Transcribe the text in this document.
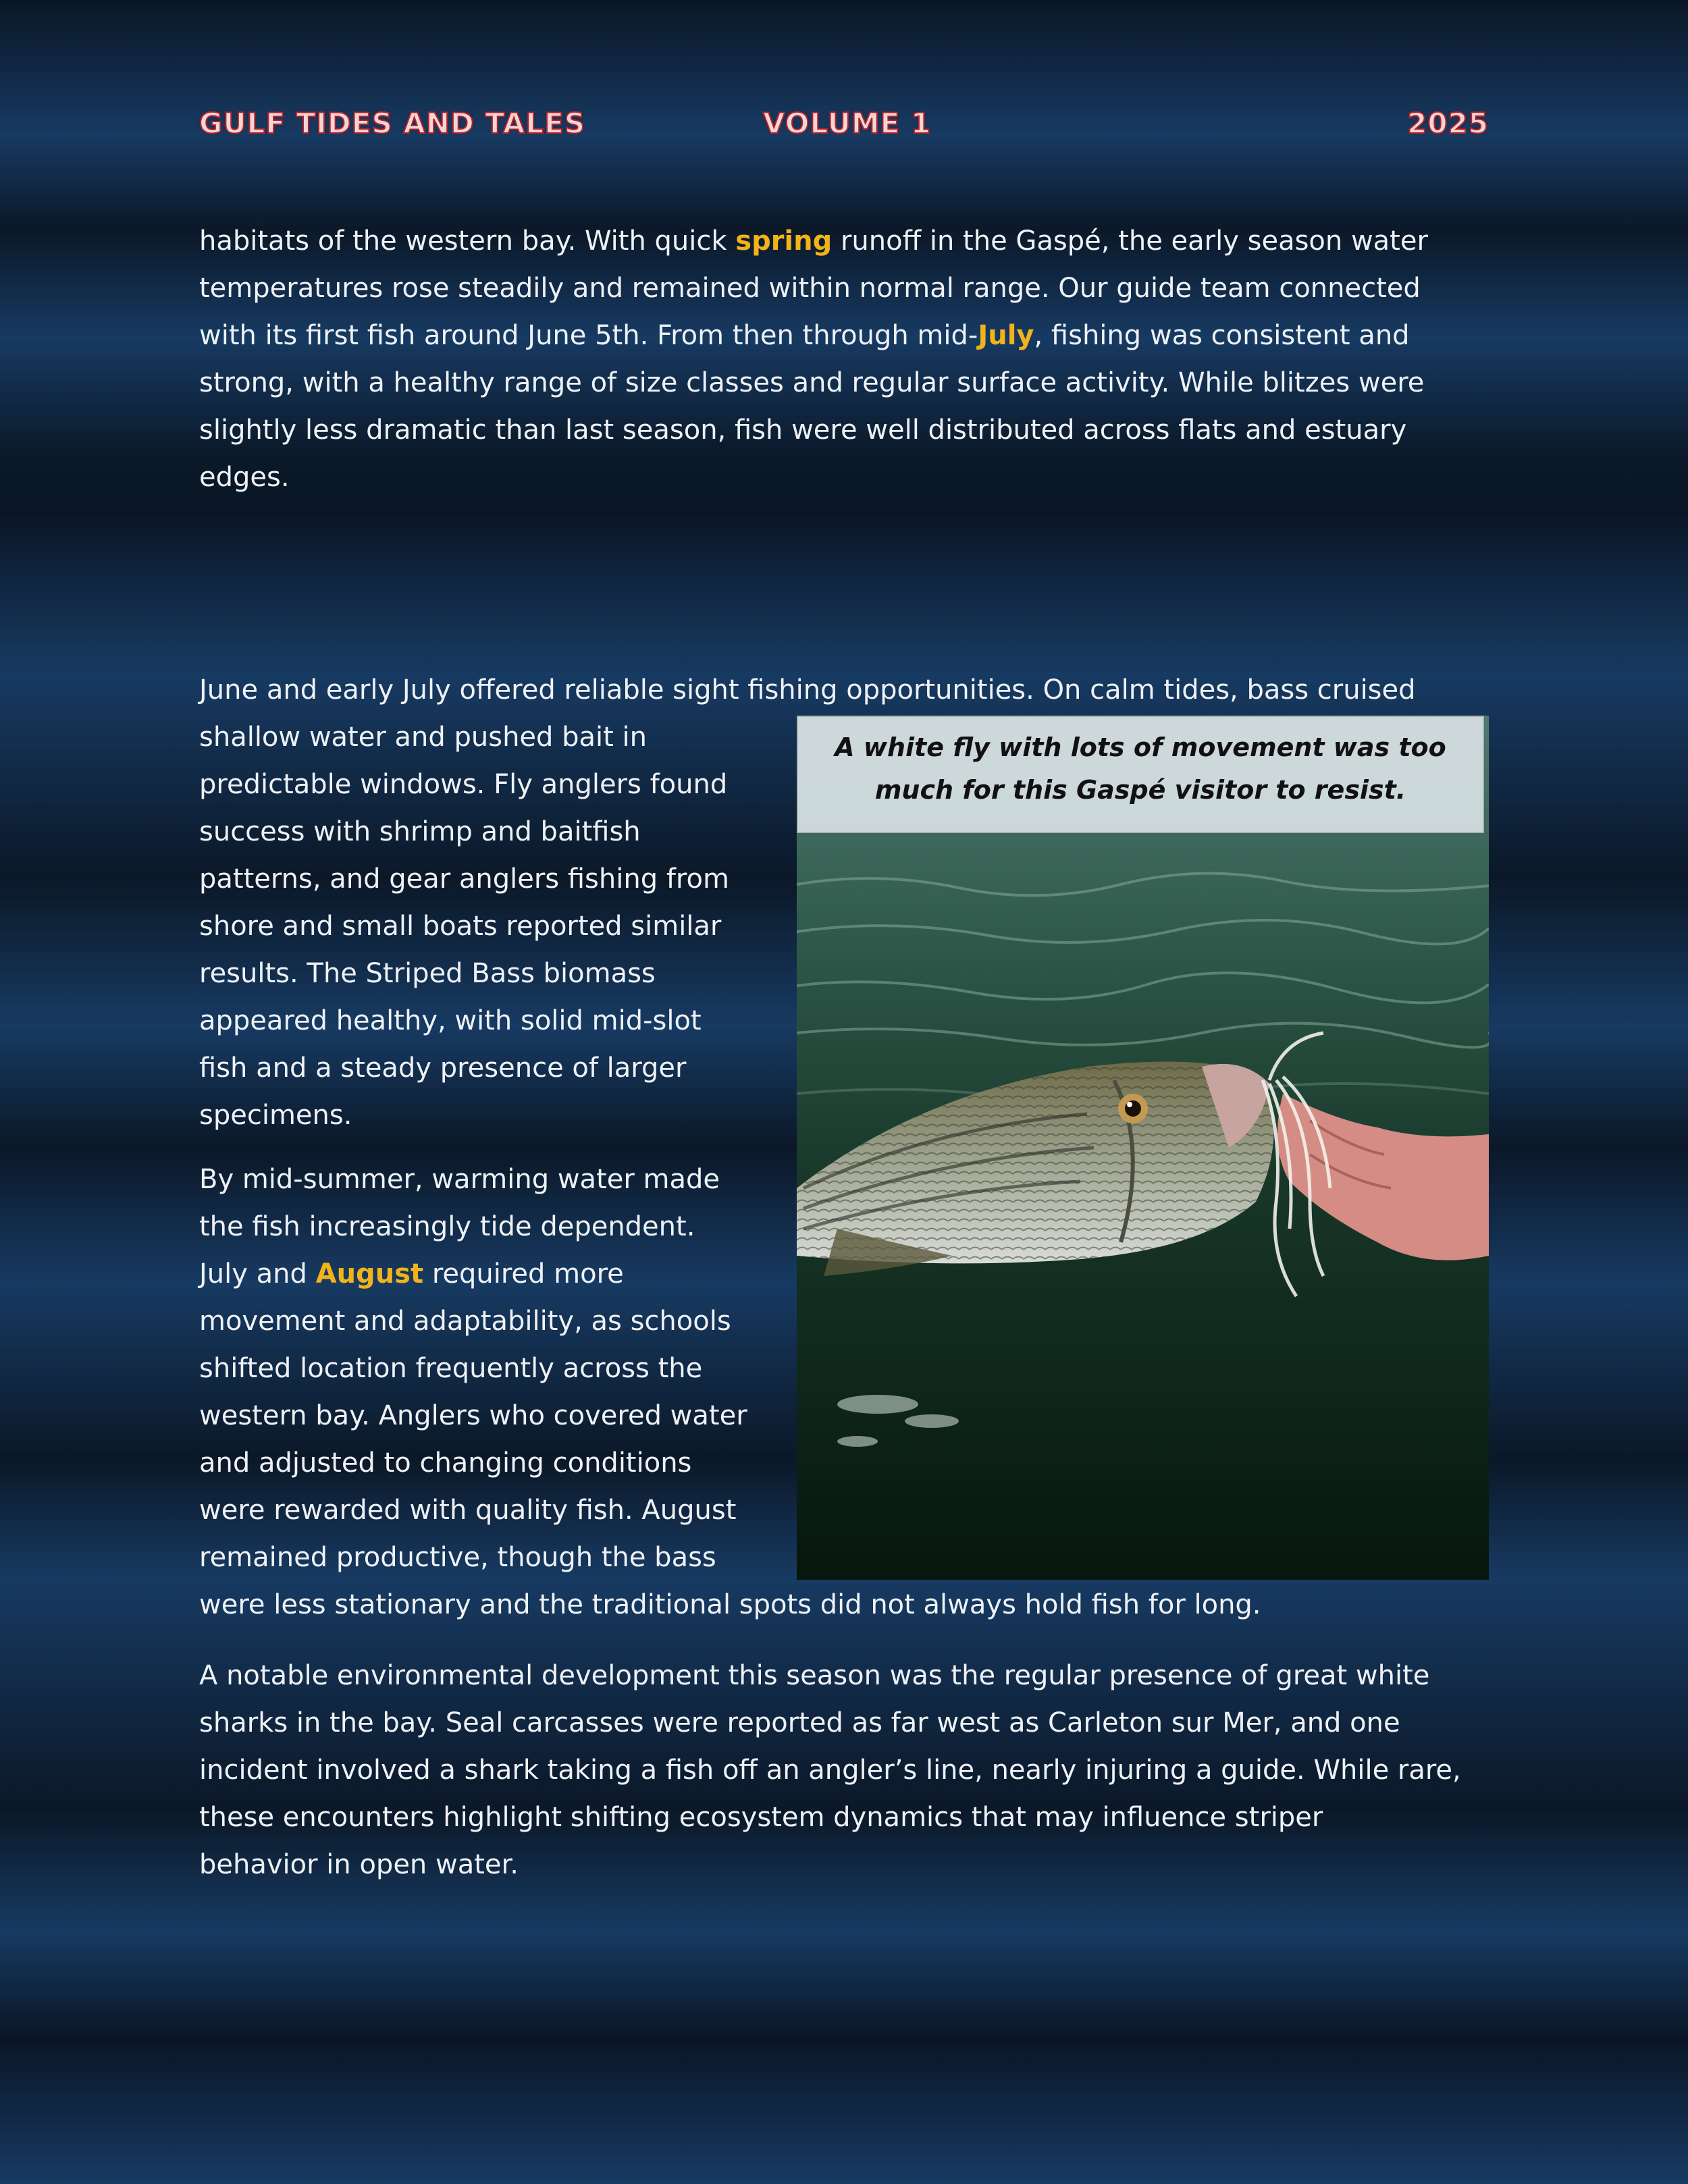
GULF TIDES AND TALES	VOLUME 1	2025

habitats of the western bay. With quick spring runoff in the Gaspé, the early season water
temperatures rose steadily and remained within normal range. Our guide team connected
with its first fish around June 5th. From then through mid-July, fishing was consistent and
strong, with a healthy range of size classes and regular surface activity. While blitzes were
slightly less dramatic than last season, fish were well distributed across flats and estuary
edges.

June and early July offered reliable sight fishing opportunities. On calm tides, bass cruised
shallow water and pushed bait in
predictable windows. Fly anglers found
success with shrimp and baitfish
patterns, and gear anglers fishing from
shore and small boats reported similar
results. The Striped Bass biomass
appeared healthy, with solid mid-slot
fish and a steady presence of larger
specimens.

By mid-summer, warming water made
the fish increasingly tide dependent.
July and August required more
movement and adaptability, as schools
shifted location frequently across the
western bay. Anglers who covered water
and adjusted to changing conditions
were rewarded with quality fish. August
remained productive, though the bass
were less stationary and the traditional spots did not always hold fish for long.

A notable environmental development this season was the regular presence of great white
sharks in the bay. Seal carcasses were reported as far west as Carleton sur Mer, and one
incident involved a shark taking a fish off an angler’s line, nearly injuring a guide. While rare,
these encounters highlight shifting ecosystem dynamics that may influence striper
behavior in open water.

A white fly with lots of movement was too
much for this Gaspé visitor to resist.
